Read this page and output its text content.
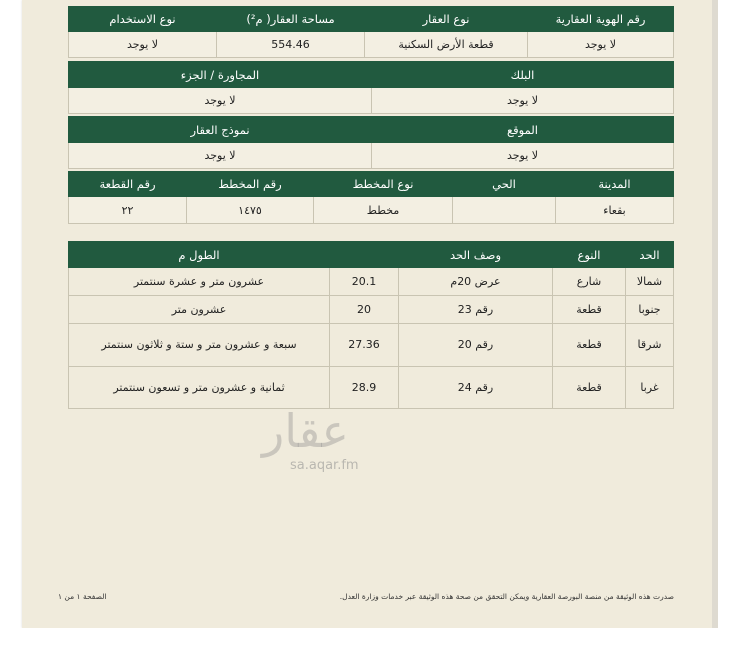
رقم الهوية العقارية	نوع العقار	مساحة العقار( م²)	نوع الاستخدام
لا يوجد	قطعة الأرض السكنية	554.46	لا يوجد
البلك	المجاورة / الجزء
لا يوجد	لا يوجد
الموقع	نموذج العقار
لا يوجد	لا يوجد
المدينة	الحي	نوع المخطط	رقم المخطط	رقم القطعة
بقعاء		مخطط	١٤٧٥	٢٢
الحد	النوع	وصف الحد		الطول م
شمالا	شارع	عرض 20م	20.1	عشرون متر و عشرة سنتمتر
جنوبا	قطعة	رقم 23	20	عشرون متر
شرقا	قطعة	رقم 20	27.36	سبعة و عشرون متر و ستة و ثلاثون سنتمتر
غربا	قطعة	رقم 24	28.9	ثمانية و عشرون متر و تسعون سنتمتر
عقار
sa.aqar.fm
صدرت هذه الوثيقة من منصة البورصة العقارية ويمكن التحقق من صحة هذه الوثيقة عبر خدمات وزارة العدل.
الصفحة ١ من ١
